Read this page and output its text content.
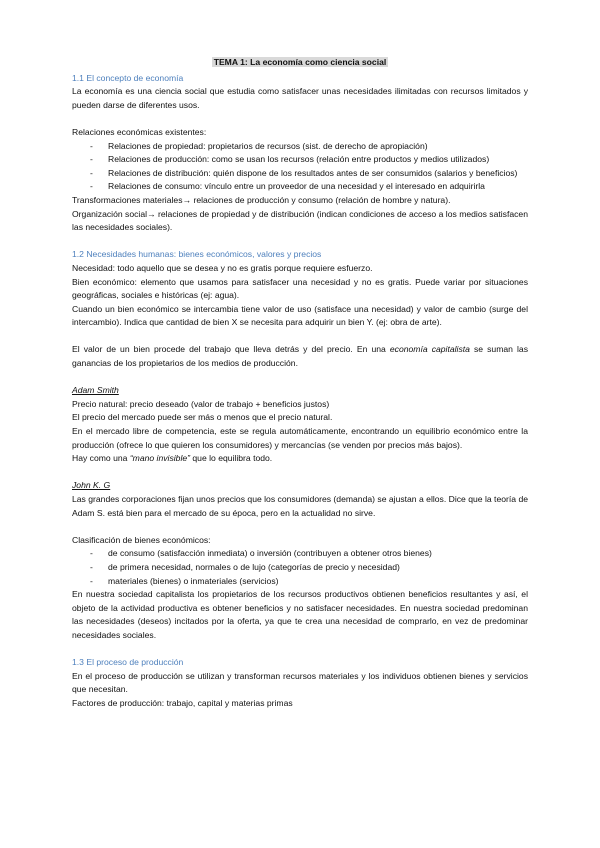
TEMA 1: La economía como ciencia social

1.1 El concepto de economía

La economía es una ciencia social que estudia como satisfacer unas necesidades ilimitadas con recursos limitados y pueden darse de diferentes usos.

Relaciones económicas existentes:

- Relaciones de propiedad: propietarios de recursos (sist. de derecho de apropiación)
- Relaciones de producción: como se usan los recursos (relación entre productos y medios utilizados)
- Relaciones de distribución: quién dispone de los resultados antes de ser consumidos (salarios y beneficios)
- Relaciones de consumo: vínculo entre un proveedor de una necesidad y el interesado en adquirirla

Transformaciones materiales→ relaciones de producción y consumo (relación de hombre y natura).

Organización social→ relaciones de propiedad y de distribución (indican condiciones de acceso a los medios satisfacen las necesidades sociales).

1.2 Necesidades humanas: bienes económicos, valores y precios

Necesidad: todo aquello que se desea y no es gratis porque requiere esfuerzo.

Bien económico: elemento que usamos para satisfacer una necesidad y no es gratis. Puede variar por situaciones geográficas, sociales e históricas (ej: agua).

Cuando un bien económico se intercambia tiene valor de uso (satisface una necesidad) y valor de cambio (surge del intercambio). Indica que cantidad de bien X se necesita para adquirir un bien Y. (ej: obra de arte).

El valor de un bien procede del trabajo que lleva detrás y del precio. En una economía capitalista se suman las ganancias de los propietarios de los medios de producción.

Adam Smith

Precio natural: precio deseado (valor de trabajo + beneficios justos)

El precio del mercado puede ser más o menos que el precio natural.

En el mercado libre de competencia, este se regula automáticamente, encontrando un equilibrio económico entre la producción (ofrece lo que quieren los consumidores) y mercancías (se venden por precios más bajos).

Hay como una “mano invisible” que lo equilibra todo.

John K. G

Las grandes corporaciones fijan unos precios que los consumidores (demanda) se ajustan a ellos. Dice que la teoría de Adam S. está bien para el mercado de su época, pero en la actualidad no sirve.

Clasificación de bienes económicos:

- de consumo (satisfacción inmediata) o inversión (contribuyen a obtener otros bienes)
- de primera necesidad, normales o de lujo (categorías de precio y necesidad)
- materiales (bienes) o inmateriales (servicios)

En nuestra sociedad capitalista los propietarios de los recursos productivos obtienen beneficios resultantes y así, el objeto de la actividad productiva es obtener beneficios y no satisfacer necesidades. En nuestra sociedad predominan las necesidades (deseos) incitados por la oferta, ya que te crea una necesidad de comprarlo, en vez de predominar necesidades sociales.

1.3 El proceso de producción

En el proceso de producción se utilizan y transforman recursos materiales y los individuos obtienen bienes y servicios que necesitan.

Factores de producción: trabajo, capital y materias primas
